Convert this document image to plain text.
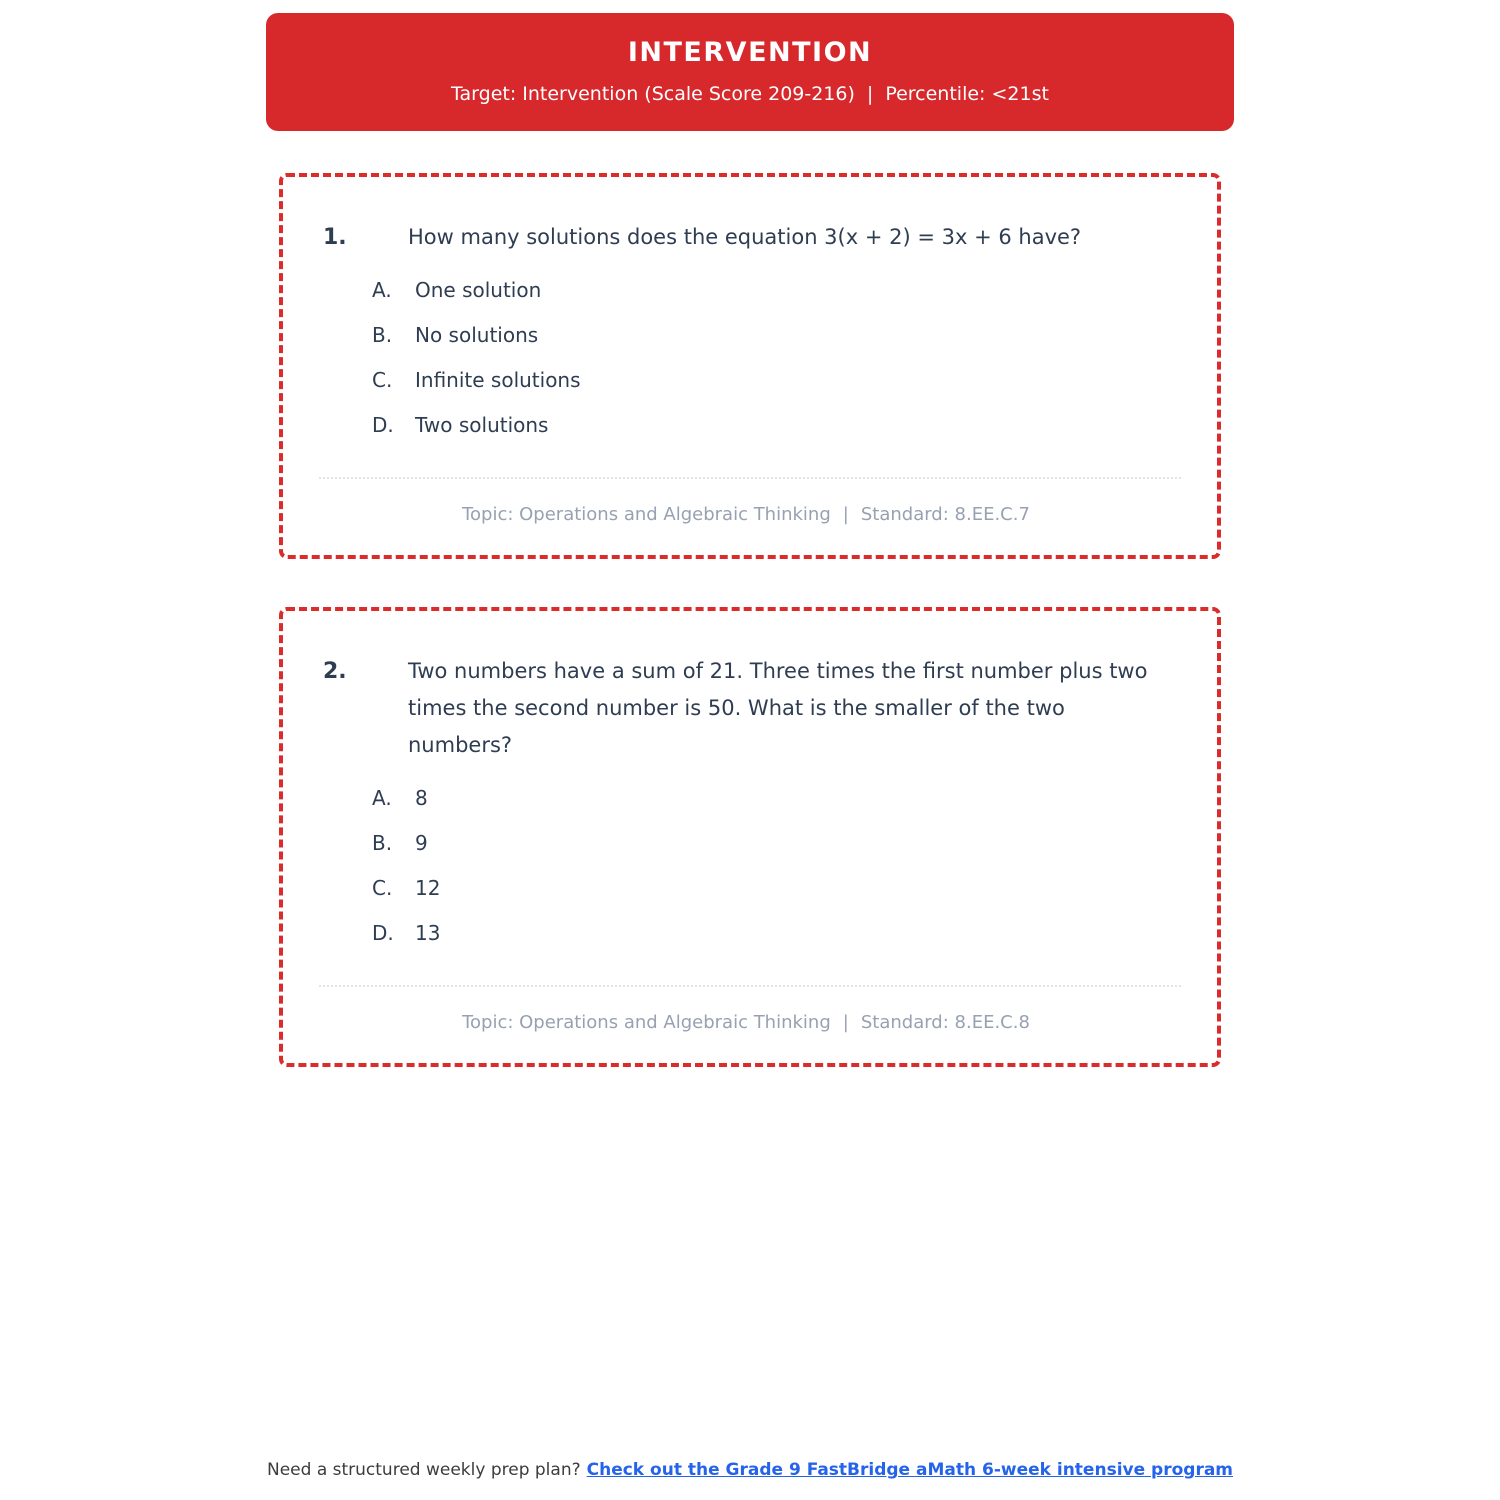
INTERVENTION
Target: Intervention (Scale Score 209-216) | Percentile: <21st
1.	How many solutions does the equation 3(x + 2) = 3x + 6 have?
A.	One solution
B.	No solutions
C.	Infinite solutions
D.	Two solutions
Topic: Operations and Algebraic Thinking | Standard: 8.EE.C.7
2.	Two numbers have a sum of 21. Three times the first number plus two times the second number is 50. What is the smaller of the two numbers?
A.	8
B.	9
C.	12
D.	13
Topic: Operations and Algebraic Thinking | Standard: 8.EE.C.8
Need a structured weekly prep plan? Check out the Grade 9 FastBridge aMath 6-week intensive program
